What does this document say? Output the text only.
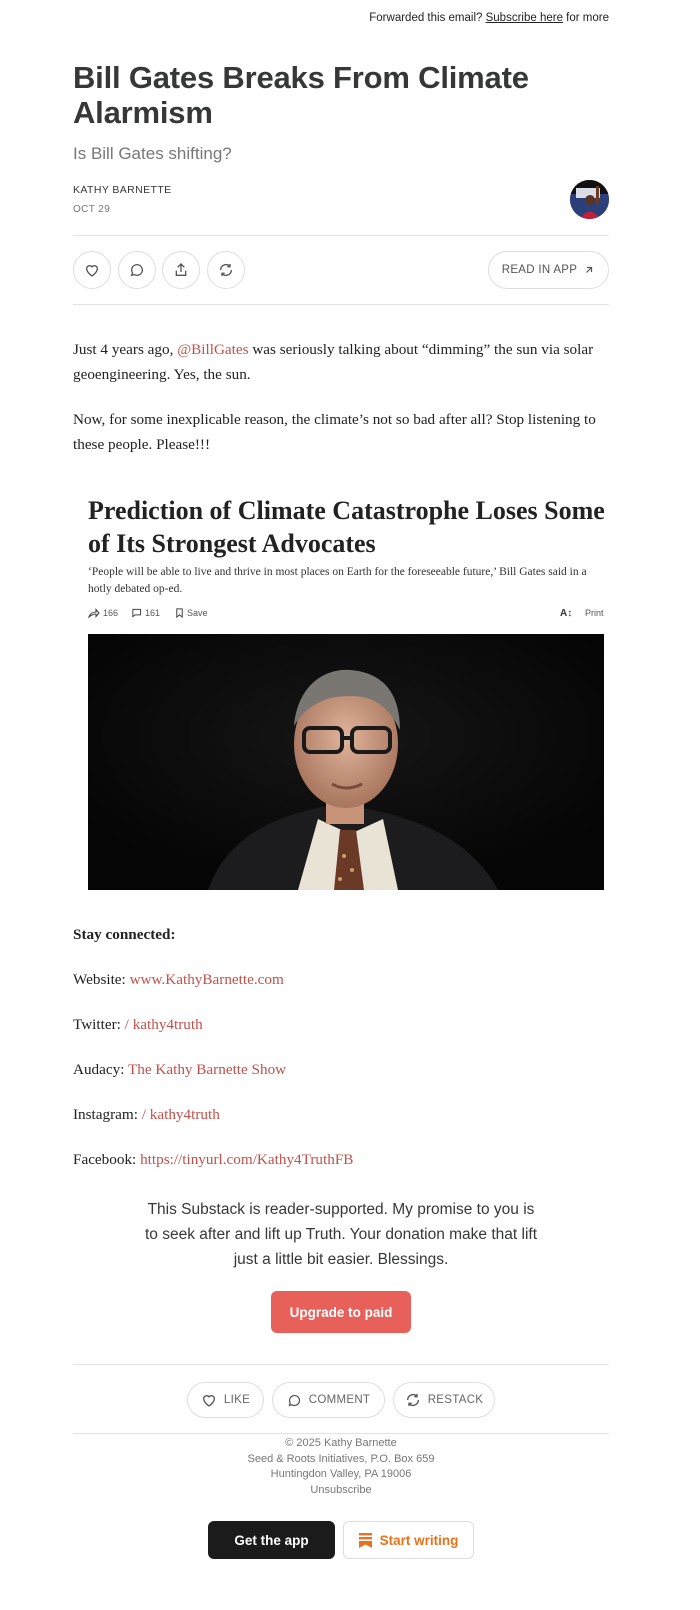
Forwarded this email? Subscribe here for more
Bill Gates Breaks From Climate Alarmism
Is Bill Gates shifting?
KATHY BARNETTE
OCT 29
READ IN APP
Just 4 years ago, @BillGates was seriously talking about “dimming” the sun via solar geoengineering. Yes, the sun.
Now, for some inexplicable reason, the climate’s not so bad after all? Stop listening to these people. Please!!!
Prediction of Climate Catastrophe Loses Some of Its Strongest Advocates
‘People will be able to live and thrive in most places on Earth for the foreseeable future,’ Bill Gates said in a hotly debated op-ed.
166	161	Save	A↕ Print
Stay connected:
Website: www.KathyBarnette.com
Twitter: / kathy4truth
Audacy: The Kathy Barnette Show
Instagram: / kathy4truth
Facebook: https://tinyurl.com/Kathy4TruthFB
This Substack is reader-supported. My promise to you is to seek after and lift up Truth. Your donation make that lift just a little bit easier. Blessings.
Upgrade to paid
LIKE	COMMENT	RESTACK
© 2025 Kathy Barnette
Seed & Roots Initiatives, P.O. Box 659
Huntingdon Valley, PA 19006
Unsubscribe
Get the app	Start writing
